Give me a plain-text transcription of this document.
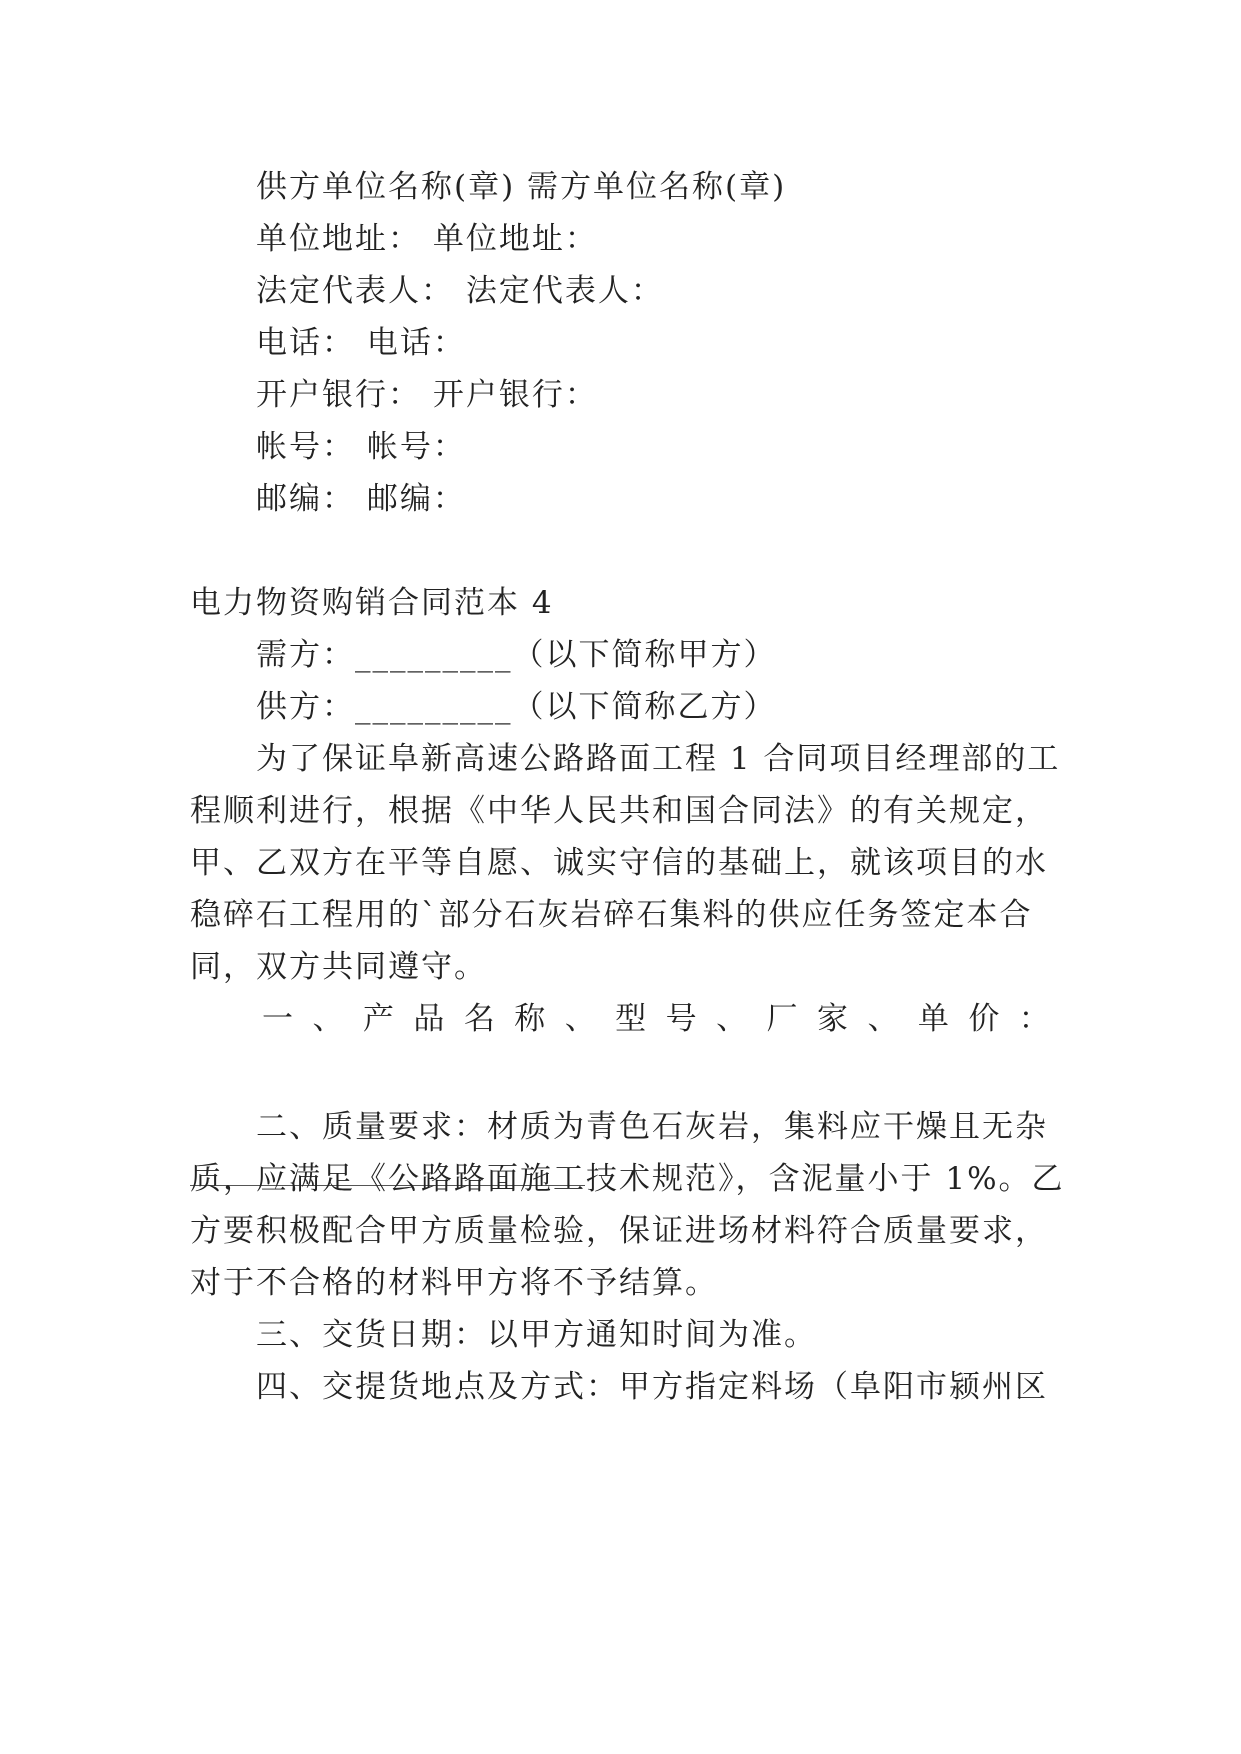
供方单位名称(章) 需方单位名称(章)
单位地址： 单位地址：
法定代表人： 法定代表人：
电话： 电话：
开户银行： 开户银行：
帐号： 帐号：
邮编： 邮编：
电力物资购销合同范本 4
需方：_________（以下简称甲方）
供方：_________（以下简称乙方）
为了保证阜新高速公路路面工程 1 合同项目经理部的工
程顺利进行，根据《中华人民共和国合同法》的有关规定，
甲、乙双方在平等自愿、诚实守信的基础上，就该项目的水
稳碎石工程用的`部分石灰岩碎石集料的供应任务签定本合
同，双方共同遵守。
一 、 产 品 名 称 、 型 号 、 厂 家 、 单 价 ：
二、质量要求：材质为青色石灰岩，集料应干燥且无杂
质，应满足《公路路面施工技术规范》，含泥量小于 1%。乙
方要积极配合甲方质量检验，保证进场材料符合质量要求，
对于不合格的材料甲方将不予结算。
三、交货日期：以甲方通知时间为准。
四、交提货地点及方式：甲方指定料场（阜阳市颍州区
